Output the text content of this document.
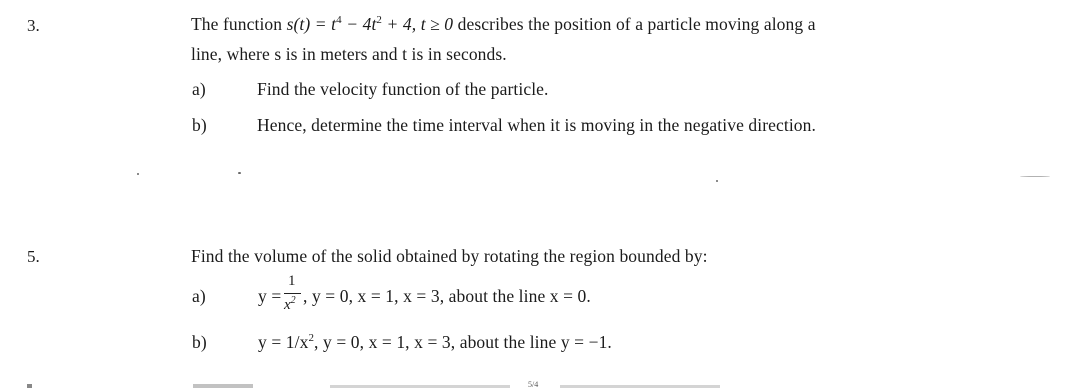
3.	The function $s(t) = t^4 - 4t^2 + 4$, t ≥ 0 describes the position of a particle moving along a
line, where s is in meters and t is in seconds.
a)	Find the velocity function of the particle.
b)	Hence, determine the time interval when it is moving in the negative direction.
5.	Find the volume of the solid obtained by rotating the region bounded by:
a)	y =
1
$x^2$ , y = 0, x = 1, x = 3, about the line x = 0.
b)	$y = 1/x^2$, y = 0, x = 1, x = 3, about the line y = −1.
5/4
